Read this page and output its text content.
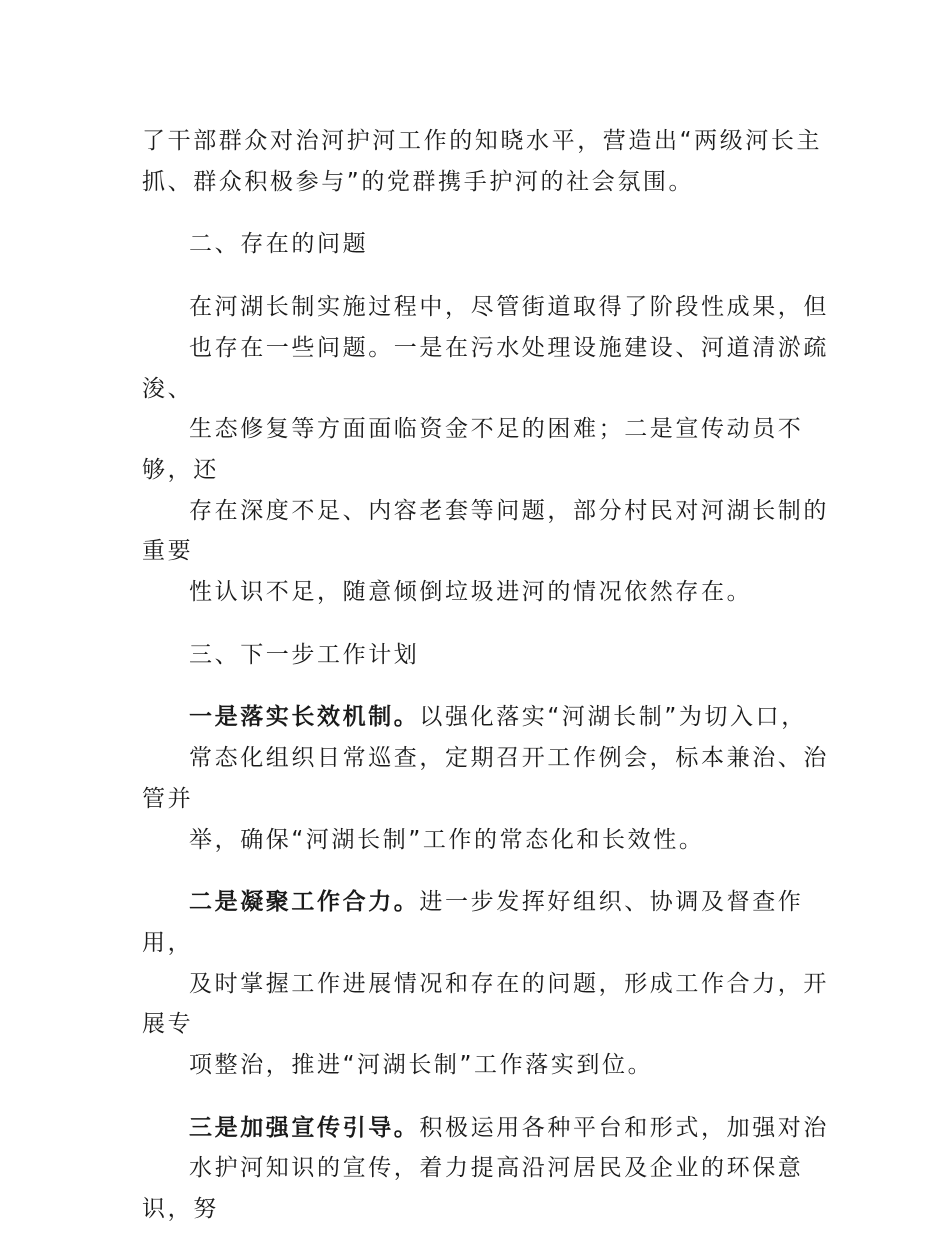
了干部群众对治河护河工作的知晓水平，营造出“两级河长主
抓、群众积极参与”的党群携手护河的社会氛围。

二、存在的问题

在河湖长制实施过程中，尽管街道取得了阶段性成果，但
也存在一些问题。一是在污水处理设施建设、河道清淤疏浚、
生态修复等方面面临资金不足的困难；二是宣传动员不够，还
存在深度不足、内容老套等问题，部分村民对河湖长制的重要
性认识不足，随意倾倒垃圾进河的情况依然存在。

三、下一步工作计划

一是落实长效机制。以强化落实“河湖长制”为切入口，
常态化组织日常巡查，定期召开工作例会，标本兼治、治管并
举，确保“河湖长制”工作的常态化和长效性。

二是凝聚工作合力。进一步发挥好组织、协调及督查作用，
及时掌握工作进展情况和存在的问题，形成工作合力，开展专
项整治，推进“河湖长制”工作落实到位。

三是加强宣传引导。积极运用各种平台和形式，加强对治
水护河知识的宣传，着力提高沿河居民及企业的环保意识，努
